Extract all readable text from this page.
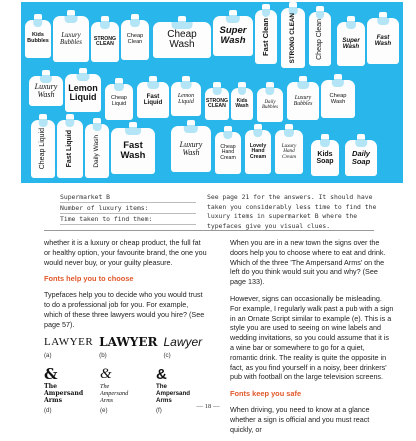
Kids
Bubbles
Luxury
Bubbles
STRONG
CLEAN
Cheap
Clean
Cheap
Wash
Super
Wash Fast Clean	STRONG CLEAN	Cheap Clean	Super
Wash
Fast
Wash
Luxury
Wash
Lemon
Liquid	Cheap
Liquid
Fast
Liquid
Lemon
Liquid STRONG
CLEAN
Kids
Wash
Daily
Bubbles
Luxury
Bubbles
Cheap
Wash
Cheap Liquid	Fast Liquid	Daily Wash Fast
Wash
Luxury
Wash
Cheap
Hand
Cream
Lovely
Hand
Cream
Luxury
Hand
Cream	Kids
Soap
Daily
Soap
Supermarket B
Number of luxury items:
Time taken to find them:
See page 21 for the answers. It should have taken you considerably less time to find the luxury items in supermarket B where the typefaces give you visual clues.

whether it is a luxury or cheap product, the full fat or healthy option, your favourite brand, the one you would never buy, or your guilty pleasure.

Fonts help you to choose

Typefaces help you to decide who you would trust to do a professional job for you. For example, which of these three lawyers would you hire? (See page 57).

LAWYER
(a)
LAWYER
(b)
Lawyer
(c)
&
The
Ampersand
Arms
(d)
&
The
Ampersand
Arms
(e)
&
The
Ampersand
Arms
(f)

When you are in a new town the signs over the doors help you to choose where to eat and drink. Which of the three 'The Ampersand Arms' on the left do you think would suit you and why? (See page 133).

However, signs can occasionally be misleading. For example, I regularly walk past a pub with a sign in an Ornate Script similar to example (e). This is a style you are used to seeing on wine labels and wedding invitations, so you could assume that it is a wine bar or somewhere to go for a quiet, romantic drink. The reality is quite the opposite in fact, as you find yourself in a noisy, beer drinkers' pub with football on the large television screens.

Fonts keep you safe

When driving, you need to know at a glance whether a sign is official and you must react quickly, or

— 18 —
